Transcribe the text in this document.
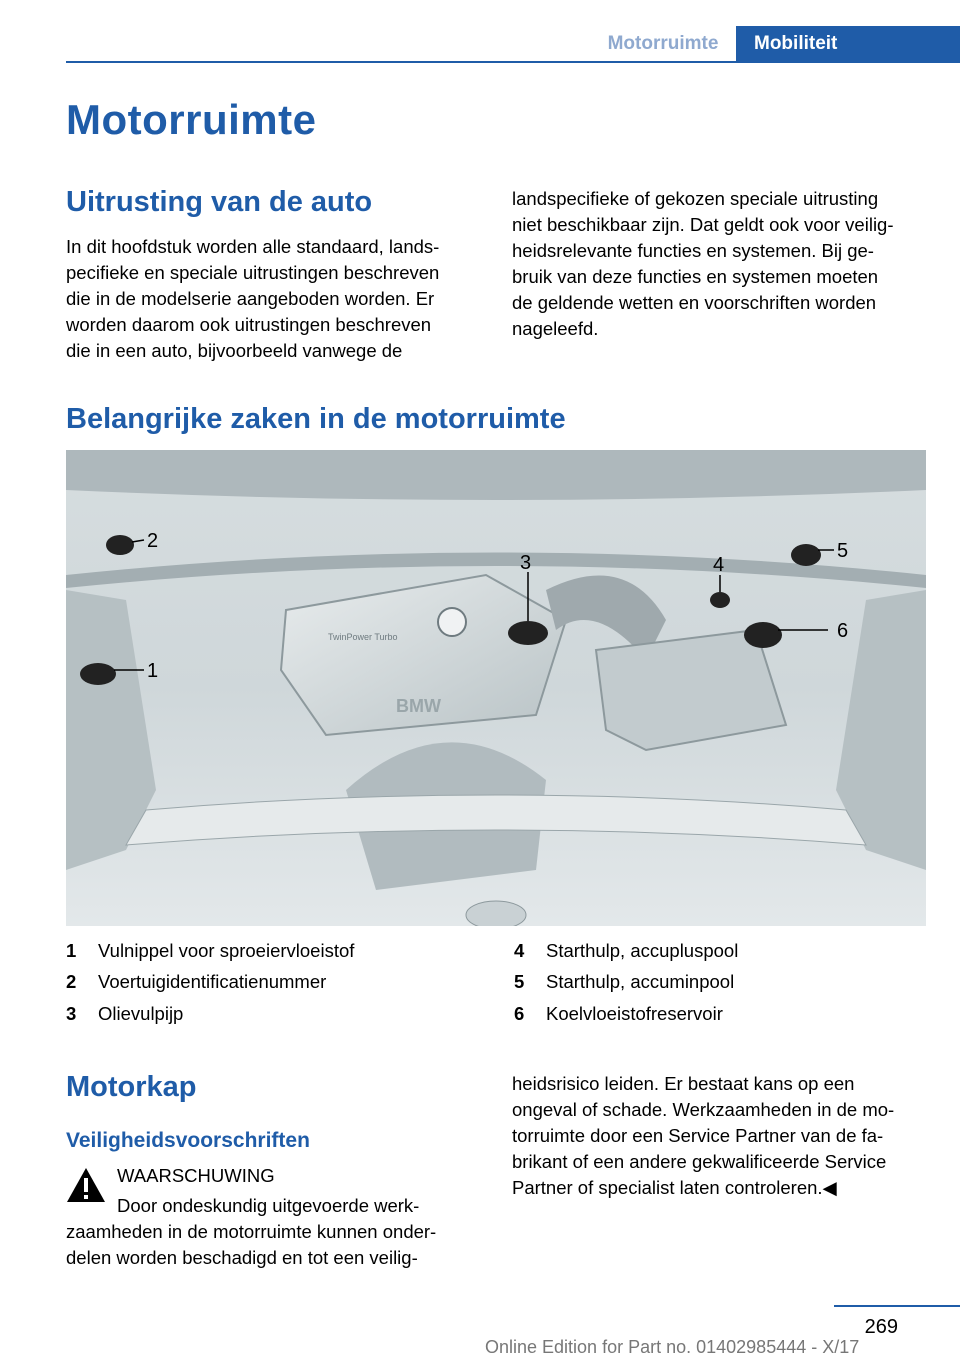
Motorruimte	Mobiliteit
Motorruimte
Uitrusting van de auto

In dit hoofdstuk worden alle standaard, lands-
pecifieke en speciale uitrustingen beschreven
die in de modelserie aangeboden worden. Er
worden daarom ook uitrustingen beschreven
die in een auto, bijvoorbeeld vanwege de

landspecifieke of gekozen speciale uitrusting
niet beschikbaar zijn. Dat geldt ook voor veilig-
heidsrelevante functies en systemen. Bij ge-
bruik van deze functies en systemen moeten
de geldende wetten en voorschriften worden
nageleefd.

Belangrijke zaken in de motorruimte
TwinPower Turbo
BMW
1
2
3	4
5
6
1 Vulnippel voor sproeiervloeistof
2 Voertuigidentificatienummer
3 Olievulpijp
4 Starthulp, accupluspool
5 Starthulp, accuminpool
6 Koelvloeistofreservoir
Motorkap
Veiligheidsvoorschriften
WAARSCHUWING

Door ondeskundig uitgevoerde werk-

zaamheden in de motorruimte kunnen onder-
delen worden beschadigd en tot een veilig-

heidsrisico leiden. Er bestaat kans op een
ongeval of schade. Werkzaamheden in de mo-
torruimte door een Service Partner van de fa-
brikant of een andere gekwalificeerde Service
Partner of specialist laten controleren.◀

269
Online Edition for Part no. 01402985444 - X/17
